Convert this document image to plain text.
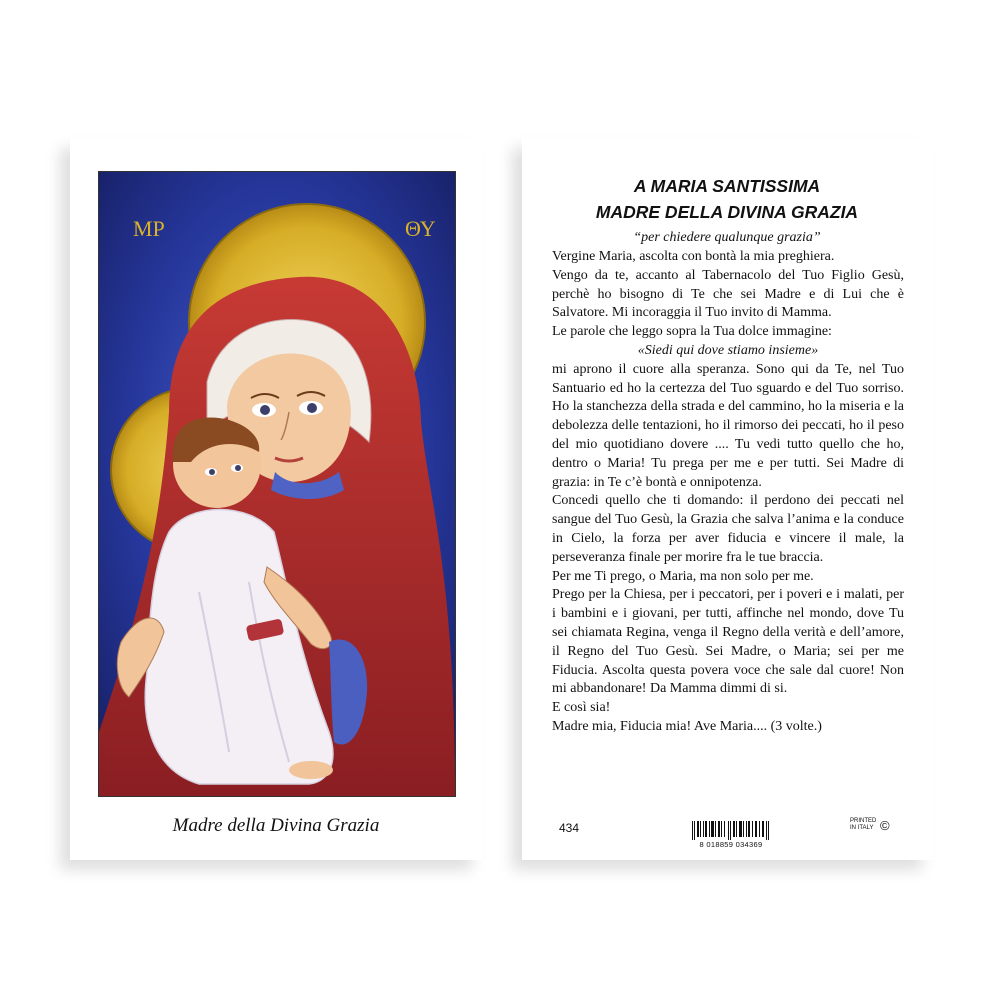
MP	ΘΥ
Madre della Divina Grazia
A MARIA SANTISSIMA
MADRE DELLA DIVINA GRAZIA
“per chiedere qualunque grazia”

Vergine Maria, ascolta con bontà la mia preghiera.

Vengo da te, accanto al Tabernacolo del Tuo Figlio Gesù, perchè ho bisogno di Te che sei Madre e di Lui che è Salvatore. Mi incoraggia il Tuo invito di Mamma.

Le parole che leggo sopra la Tua dolce immagine:

«Siedi qui dove stiamo insieme»

mi aprono il cuore alla speranza. Sono qui da Te, nel Tuo Santuario ed ho la certezza del Tuo sguardo e del Tuo sorriso. Ho la stanchezza della strada e del cammino, ho la miseria e la debolezza delle tentazioni, ho il rimorso dei peccati, ho il peso del mio quotidiano dovere .... Tu vedi tutto quello che ho, dentro o Maria! Tu prega per me e per tutti. Sei Madre di grazia: in Te c’è bontà e onnipotenza.

Concedi quello che ti domando: il perdono dei peccati nel sangue del Tuo Gesù, la Grazia che salva l’anima e la conduce in Cielo, la forza per aver fiducia e vincere il male, la perseveranza finale per morire fra le tue braccia.

Per me Ti prego, o Maria, ma non solo per me.

Prego per la Chiesa, per i peccatori, per i poveri e i malati, per i bambini e i giovani, per tutti, affinche nel mondo, dove Tu sei chiamata Regina, venga il Regno della verità e dell’amore, il Regno del Tuo Gesù. Sei Madre, o Maria; sei per me Fiducia. Ascolta questa povera voce che sale dal cuore! Non mi abbandonare! Da Mamma dimmi di si.

E così sia!

Madre mia, Fiducia mia! Ave Maria.... (3 volte.)

434
8 018859 034369
PRINTED
IN ITALY ©
